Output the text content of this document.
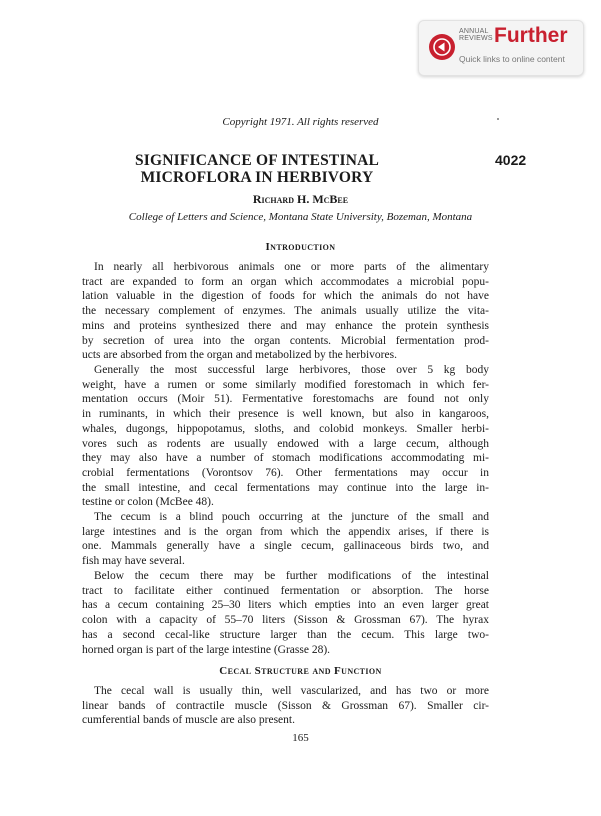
ANNUAL REVIEWS Further
Quick links to online content
Copyright 1971. All rights reserved
SIGNIFICANCE OF INTESTINAL MICROFLORA IN HERBIVORY
4022
Richard H. McBee
College of Letters and Science, Montana State University, Bozeman, Montana
Introduction

In nearly all herbivorous animals one or more parts of the alimentary
tract are expanded to form an organ which accommodates a microbial popu-
lation valuable in the digestion of foods for which the animals do not have
the necessary complement of enzymes. The animals usually utilize the vita-
mins and proteins synthesized there and may enhance the protein synthesis
by secretion of urea into the organ contents. Microbial fermentation prod-
ucts are absorbed from the organ and metabolized by the herbivores.

Generally the most successful large herbivores, those over 5 kg body
weight, have a rumen or some similarly modified forestomach in which fer-
mentation occurs (Moir 51). Fermentative forestomachs are found not only
in ruminants, in which their presence is well known, but also in kangaroos,
whales, dugongs, hippopotamus, sloths, and colobid monkeys. Smaller herbi-
vores such as rodents are usually endowed with a large cecum, although
they may also have a number of stomach modifications accommodating mi-
crobial fermentations (Vorontsov 76). Other fermentations may occur in
the small intestine, and cecal fermentations may continue into the large in-
testine or colon (McBee 48).

The cecum is a blind pouch occurring at the juncture of the small and
large intestines and is the organ from which the appendix arises, if there is
one. Mammals generally have a single cecum, gallinaceous birds two, and
fish may have several.

Below the cecum there may be further modifications of the intestinal
tract to facilitate either continued fermentation or absorption. The horse
has a cecum containing 25–30 liters which empties into an even larger great
colon with a capacity of 55–70 liters (Sisson & Grossman 67). The hyrax
has a second cecal-like structure larger than the cecum. This large two-
horned organ is part of the large intestine (Grasse 28).

Cecal Structure and Function

The cecal wall is usually thin, well vascularized, and has two or more
linear bands of contractile muscle (Sisson & Grossman 67). Smaller cir-
cumferential bands of muscle are also present.

165
